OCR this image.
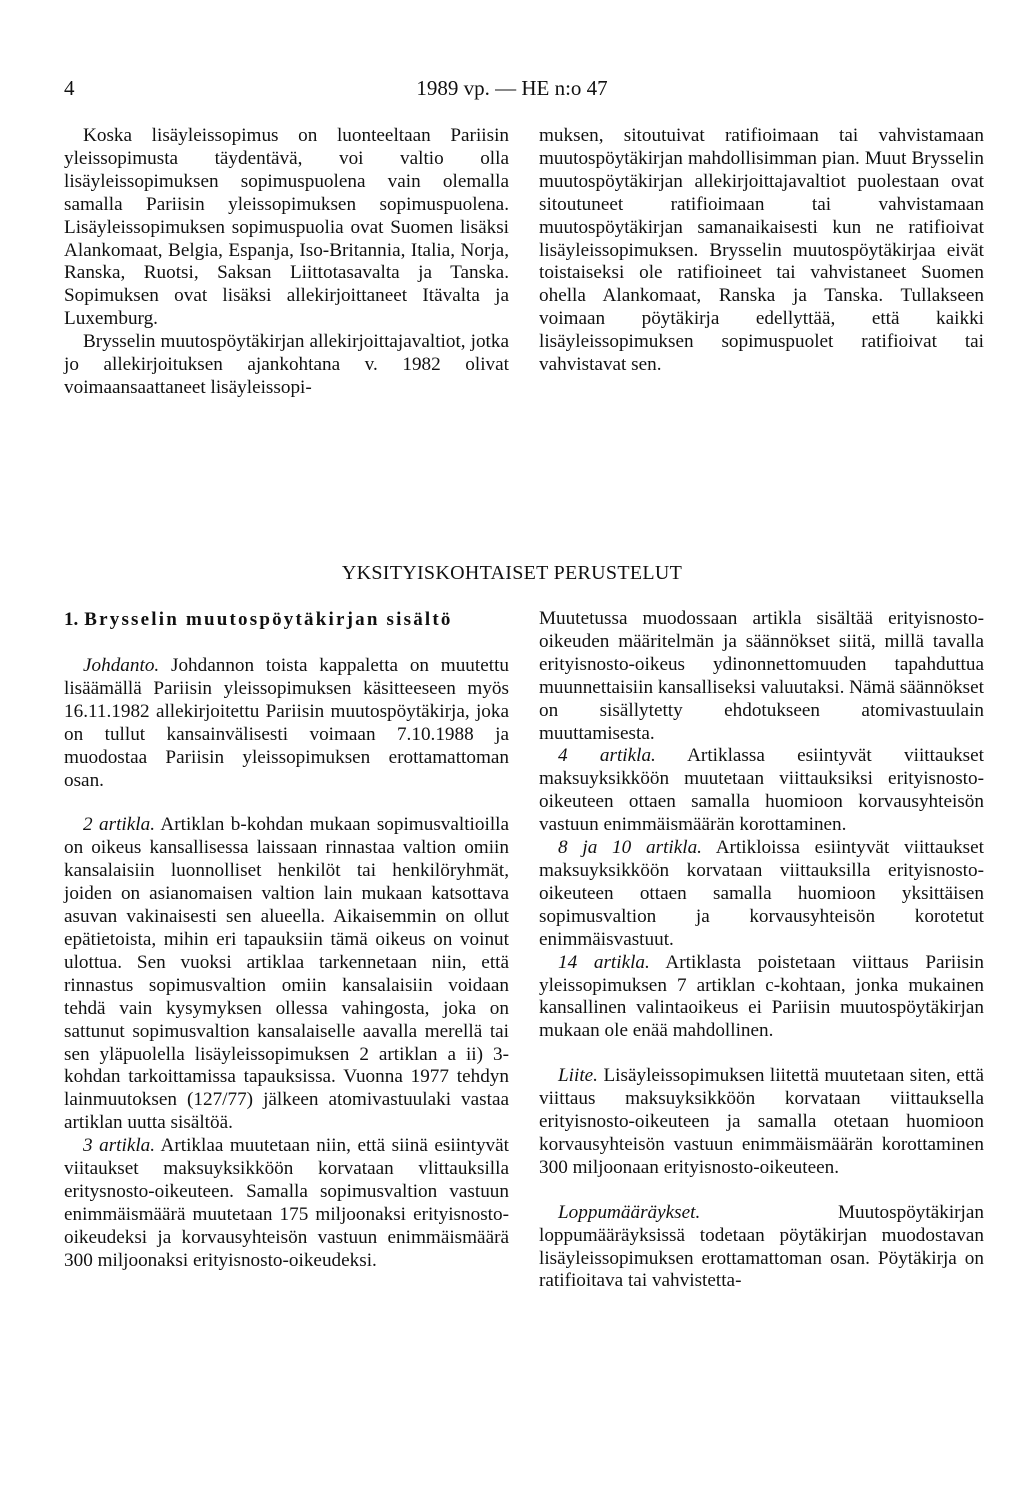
4	1989 vp. — HE n:o 47

Koska lisäyleissopimus on luonteeltaan Pariisin yleissopimusta täydentävä, voi valtio olla lisäyleissopimuksen sopimuspuolena vain olemalla samalla Pariisin yleissopimuksen sopimuspuolena. Lisäyleissopimuksen sopimuspuolia ovat Suomen lisäksi Alankomaat, Belgia, Espanja, Iso-Britannia, Italia, Norja, Ranska, Ruotsi, Saksan Liittotasavalta ja Tanska. Sopimuksen ovat lisäksi allekirjoittaneet Itävalta ja Luxemburg.

Brysselin muutospöytäkirjan allekirjoittajavaltiot, jotka jo allekirjoituksen ajankohtana v. 1982 olivat voimaansaattaneet lisäyleissopi-

muksen, sitoutuivat ratifioimaan tai vahvistamaan muutospöytäkirjan mahdollisimman pian. Muut Brysselin muutospöytäkirjan allekirjoittajavaltiot puolestaan ovat sitoutuneet ratifioimaan tai vahvistamaan muutospöytäkirjan samanaikaisesti kun ne ratifioivat lisäyleissopimuksen. Brysselin muutospöytäkirjaa eivät toistaiseksi ole ratifioineet tai vahvistaneet Suomen ohella Alankomaat, Ranska ja Tanska. Tullakseen voimaan pöytäkirja edellyttää, että kaikki lisäyleissopimuksen sopimuspuolet ratifioivat tai vahvistavat sen.

YKSITYISKOHTAISET PERUSTELUT
1. Brysselin muutospöytäkirjan sisältö

Johdanto. Johdannon toista kappaletta on muutettu lisäämällä Pariisin yleissopimuksen käsitteeseen myös 16.11.1982 allekirjoitettu Pariisin muutospöytäkirja, joka on tullut kansainvälisesti voimaan 7.10.1988 ja muodostaa Pariisin yleissopimuksen erottamattoman osan.

2 artikla. Artiklan b-kohdan mukaan sopimusvaltioilla on oikeus kansallisessa laissaan rinnastaa valtion omiin kansalaisiin luonnolliset henkilöt tai henkilöryhmät, joiden on asianomaisen valtion lain mukaan katsottava asuvan vakinaisesti sen alueella. Aikaisemmin on ollut epätietoista, mihin eri tapauksiin tämä oikeus on voinut ulottua. Sen vuoksi artiklaa tarkennetaan niin, että rinnastus sopimusvaltion omiin kansalaisiin voidaan tehdä vain kysymyksen ollessa vahingosta, joka on sattunut sopimusvaltion kansalaiselle aavalla merellä tai sen yläpuolella lisäyleissopimuksen 2 artiklan a ii) 3-kohdan tarkoittamissa tapauksissa. Vuonna 1977 tehdyn lainmuutoksen (127/77) jälkeen atomivastuulaki vastaa artiklan uutta sisältöä.

3 artikla. Artiklaa muutetaan niin, että siinä esiintyvät viitaukset maksuyksikköön korvataan vlittauksilla eritysnosto-oikeuteen. Samalla sopimusvaltion vastuun enimmäismäärä muutetaan 175 miljoonaksi erityisnosto-oikeudeksi ja korvausyhteisön vastuun enimmäismäärä 300 miljoonaksi erityisnosto-oikeudeksi.

Muutetussa muodossaan artikla sisältää erityisnosto-oikeuden määritelmän ja säännökset siitä, millä tavalla erityisnosto-oikeus ydinonnettomuuden tapahduttua muunnettaisiin kansalliseksi valuutaksi. Nämä säännökset on sisällytetty ehdotukseen atomivastuulain muuttamisesta.

4 artikla. Artiklassa esiintyvät viittaukset maksuyksikköön muutetaan viittauksiksi erityisnosto-oikeuteen ottaen samalla huomioon korvausyhteisön vastuun enimmäismäärän korottaminen.

8 ja 10 artikla. Artikloissa esiintyvät viittaukset maksuyksikköön korvataan viittauksilla erityisnosto-oikeuteen ottaen samalla huomioon yksittäisen sopimusvaltion ja korvausyhteisön korotetut enimmäisvastuut.

14 artikla. Artiklasta poistetaan viittaus Pariisin yleissopimuksen 7 artiklan c-kohtaan, jonka mukainen kansallinen valintaoikeus ei Pariisin muutospöytäkirjan mukaan ole enää mahdollinen.

Liite. Lisäyleissopimuksen liitettä muutetaan siten, että viittaus maksuyksikköön korvataan viittauksella erityisnosto-oikeuteen ja samalla otetaan huomioon korvausyhteisön vastuun enimmäismäärän korottaminen 300 miljoonaan erityisnosto-oikeuteen.

Loppumääräykset. Muutospöytäkirjan loppumääräyksissä todetaan pöytäkirjan muodostavan lisäyleissopimuksen erottamattoman osan. Pöytäkirja on ratifioitava tai vahvistetta-
